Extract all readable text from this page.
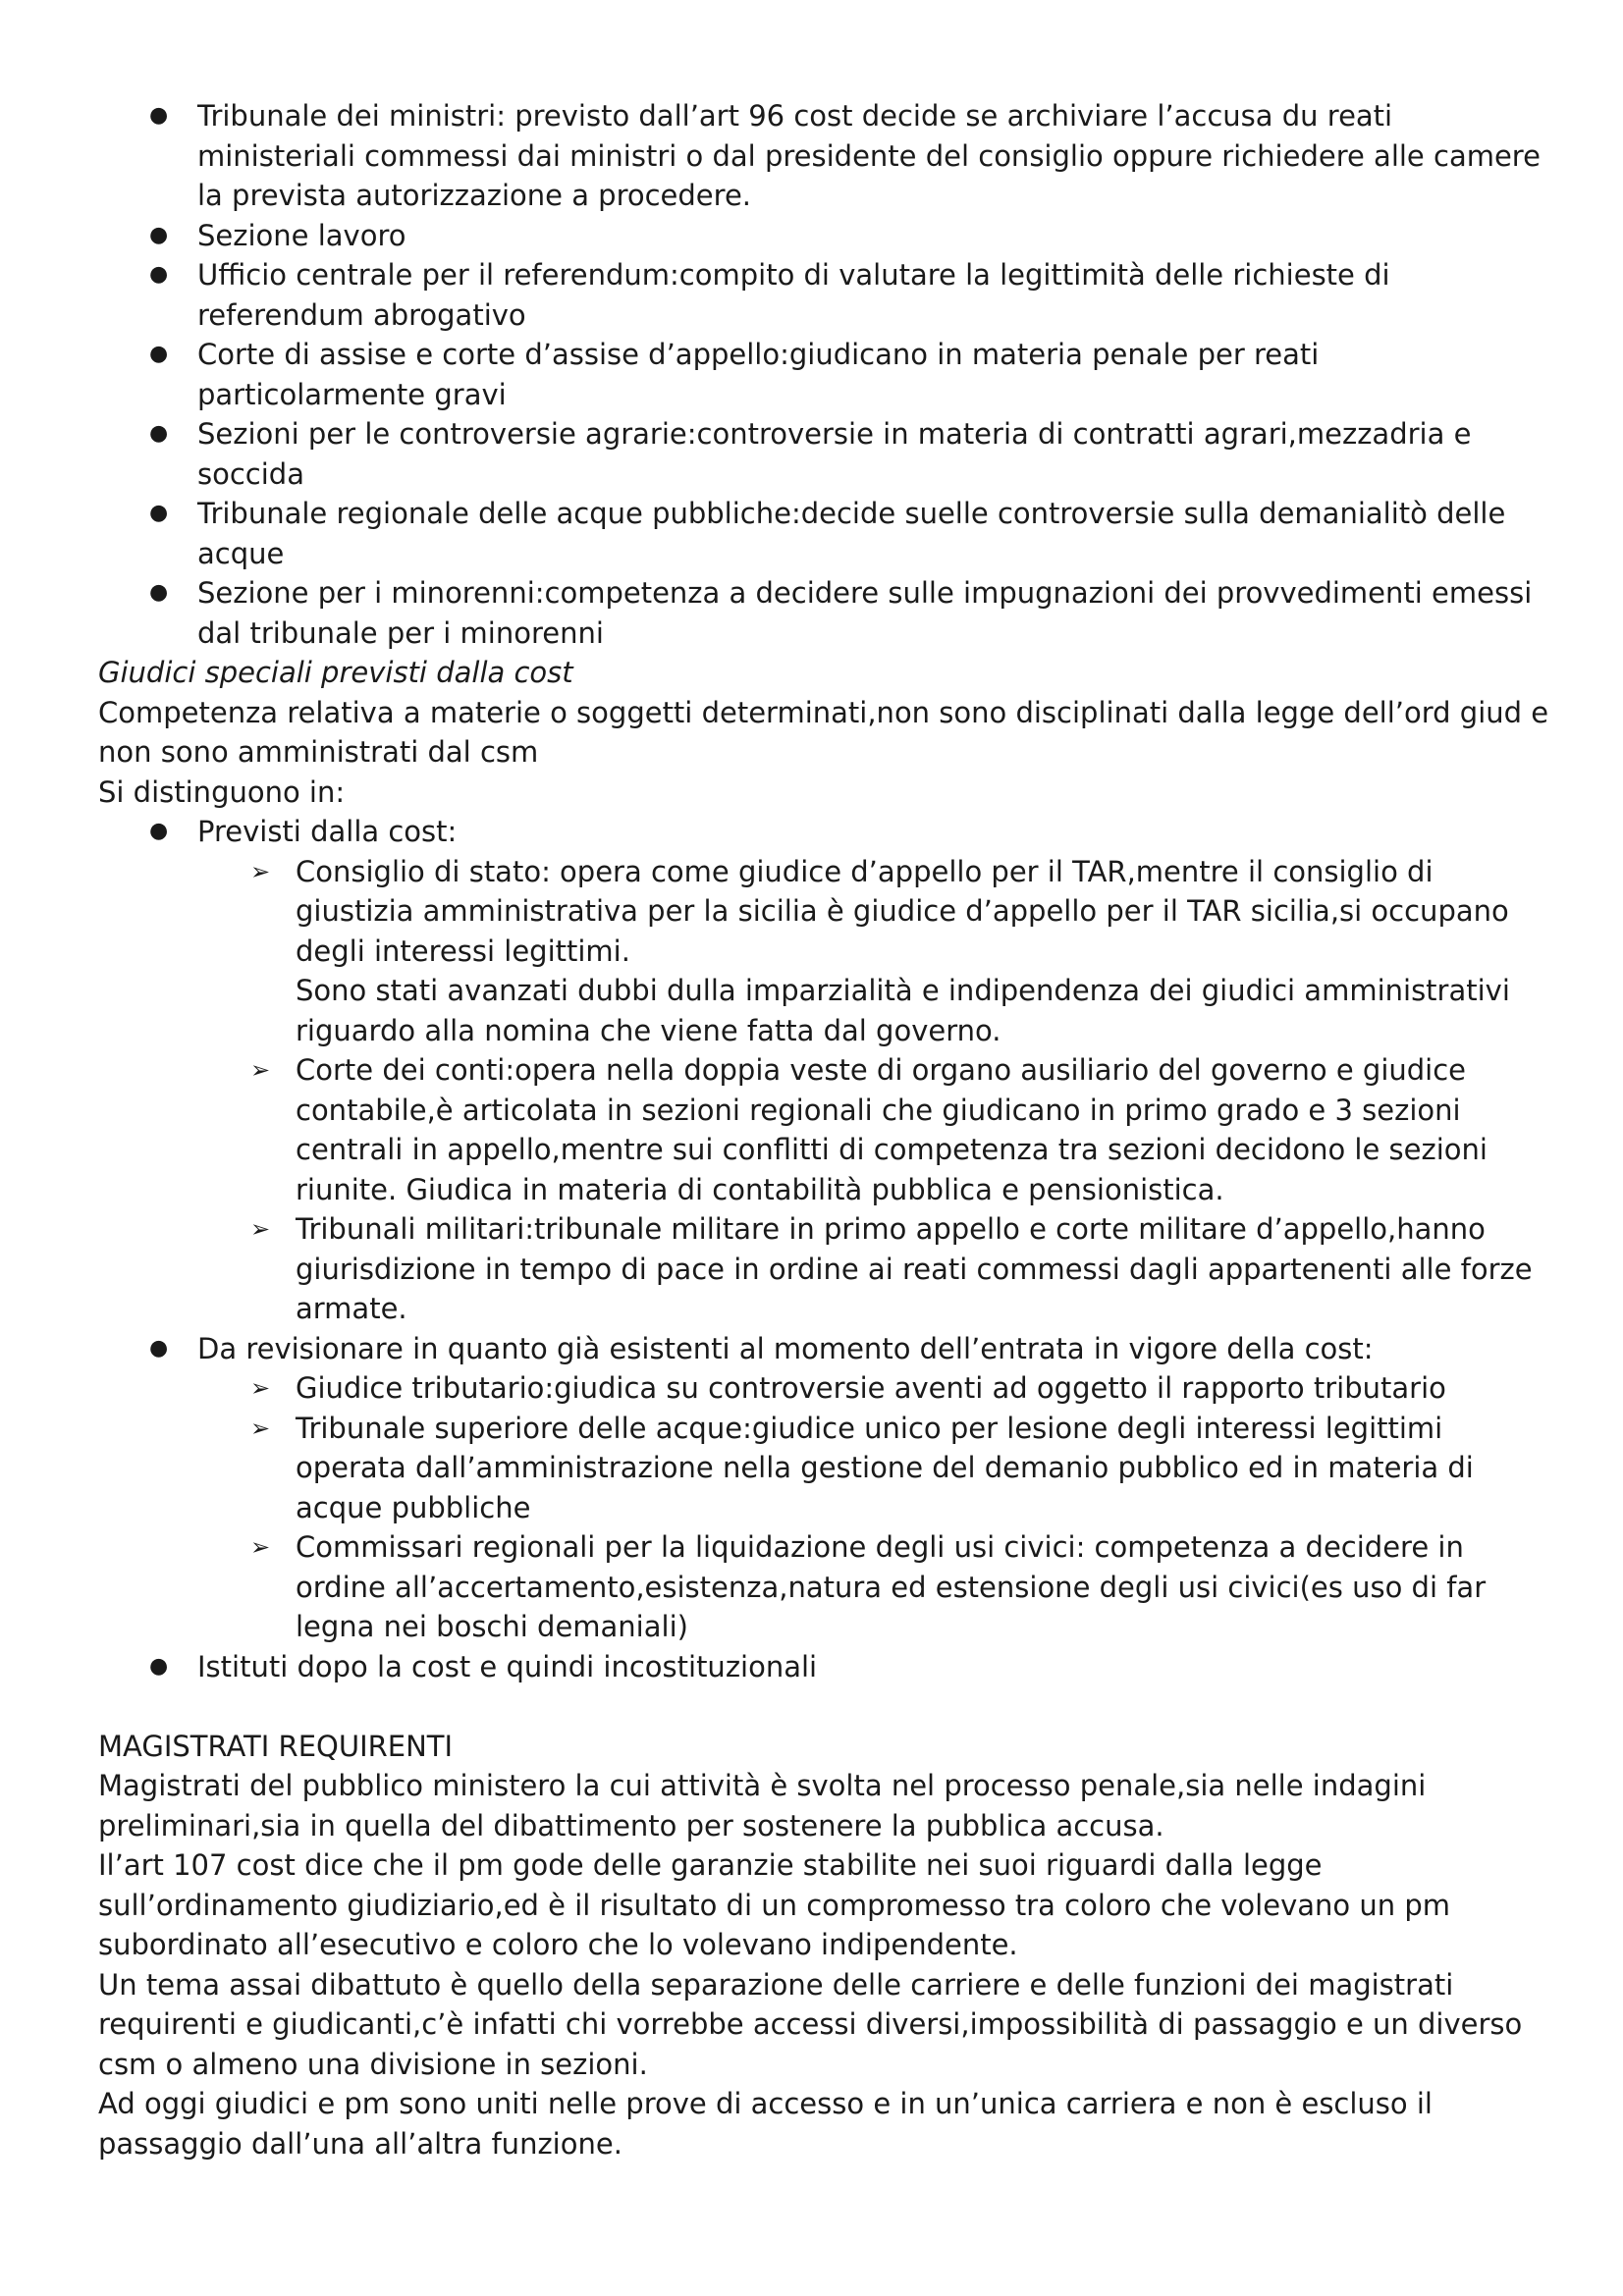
● Tribunale dei ministri: previsto dall’art 96 cost decide se archiviare l’accusa du reati ministeriali commessi dai ministri o dal presidente del consiglio oppure richiedere alle camere la prevista autorizzazione a procedere.
● Sezione lavoro
● Ufficio centrale per il referendum:compito di valutare la legittimità delle richieste di referendum abrogativo
● Corte di assise e corte d’assise d’appello:giudicano in materia penale per reati particolarmente gravi
● Sezioni per le controversie agrarie:controversie in materia di contratti agrari,mezzadria e soccida
● Tribunale regionale delle acque pubbliche:decide suelle controversie sulla demanialitò delle acque
● Sezione per i minorenni:competenza a decidere sulle impugnazioni dei provvedimenti emessi dal tribunale per i minorenni

Giudici speciali previsti dalla cost

Competenza relativa a materie o soggetti determinati,non sono disciplinati dalla legge dell’ord giud e non sono amministrati dal csm

Si distinguono in:

● Previsti dalla cost:
➢ Consiglio di stato: opera come giudice d’appello per il TAR,mentre il consiglio di giustizia amministrativa per la sicilia è giudice d’appello per il TAR sicilia,si occupano degli interessi legittimi.
Sono stati avanzati dubbi dulla imparzialità e indipendenza dei giudici amministrativi riguardo alla nomina che viene fatta dal governo.
➢ Corte dei conti:opera nella doppia veste di organo ausiliario del governo e giudice contabile,è articolata in sezioni regionali che giudicano in primo grado e 3 sezioni centrali in appello,mentre sui conflitti di competenza tra sezioni decidono le sezioni riunite. Giudica in materia di contabilità pubblica e pensionistica.
➢ Tribunali militari:tribunale militare in primo appello e corte militare d’appello,hanno giurisdizione in tempo di pace in ordine ai reati commessi dagli appartenenti alle forze armate.
● Da revisionare in quanto già esistenti al momento dell’entrata in vigore della cost:
➢ Giudice tributario:giudica su controversie aventi ad oggetto il rapporto tributario
➢ Tribunale superiore delle acque:giudice unico per lesione degli interessi legittimi operata dall’amministrazione nella gestione del demanio pubblico ed in materia di acque pubbliche
➢ Commissari regionali per la liquidazione degli usi civici: competenza a decidere in ordine all’accertamento,esistenza,natura ed estensione degli usi civici(es uso di far legna nei boschi demaniali)
● Istituti dopo la cost e quindi incostituzionali

MAGISTRATI REQUIRENTI

Magistrati del pubblico ministero la cui attività è svolta nel processo penale,sia nelle indagini preliminari,sia in quella del dibattimento per sostenere la pubblica accusa.

Il’art 107 cost dice che il pm gode delle garanzie stabilite nei suoi riguardi dalla legge sull’ordinamento giudiziario,ed è il risultato di un compromesso tra coloro che volevano un pm subordinato all’esecutivo e coloro che lo volevano indipendente.

Un tema assai dibattuto è quello della separazione delle carriere e delle funzioni dei magistrati requirenti e giudicanti,c’è infatti chi vorrebbe accessi diversi,impossibilità di passaggio e un diverso csm o almeno una divisione in sezioni.

Ad oggi giudici e pm sono uniti nelle prove di accesso e in un’unica carriera e non è escluso il passaggio dall’una all’altra funzione.
